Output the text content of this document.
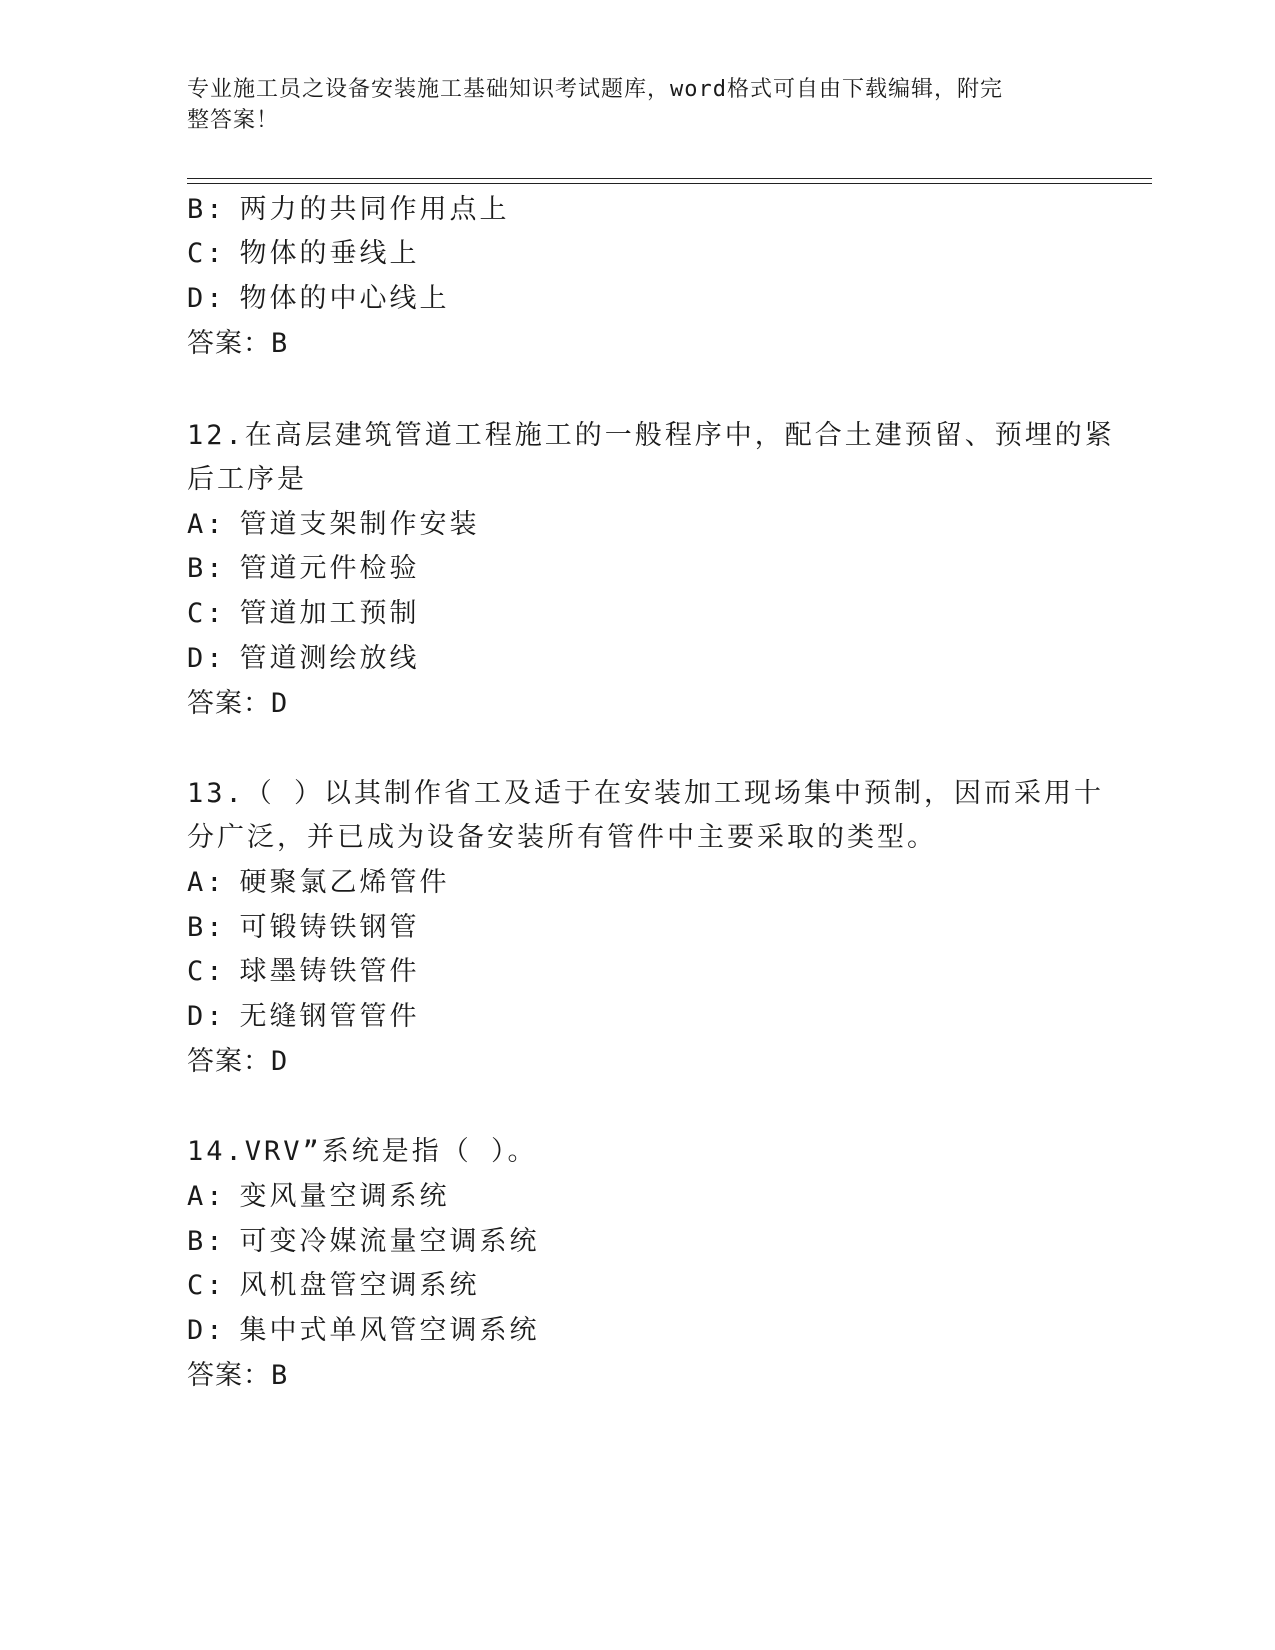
专业施工员之设备安装施工基础知识考试题库，word格式可自由下载编辑，附完
整答案！
B: 两力的共同作用点上
C: 物体的垂线上
D: 物体的中心线上
答案：B
12.在高层建筑管道工程施工的一般程序中，配合土建预留、预埋的紧
后工序是
A: 管道支架制作安装
B: 管道元件检验
C: 管道加工预制
D: 管道测绘放线
答案：D
13.（ ）以其制作省工及适于在安装加工现场集中预制，因而采用十
分广泛，并已成为设备安装所有管件中主要采取的类型。
A: 硬聚氯乙烯管件
B: 可锻铸铁钢管
C: 球墨铸铁管件
D: 无缝钢管管件
答案：D
14.VRV”系统是指（ ）。
A: 变风量空调系统
B: 可变冷媒流量空调系统
C: 风机盘管空调系统
D: 集中式单风管空调系统
答案：B
